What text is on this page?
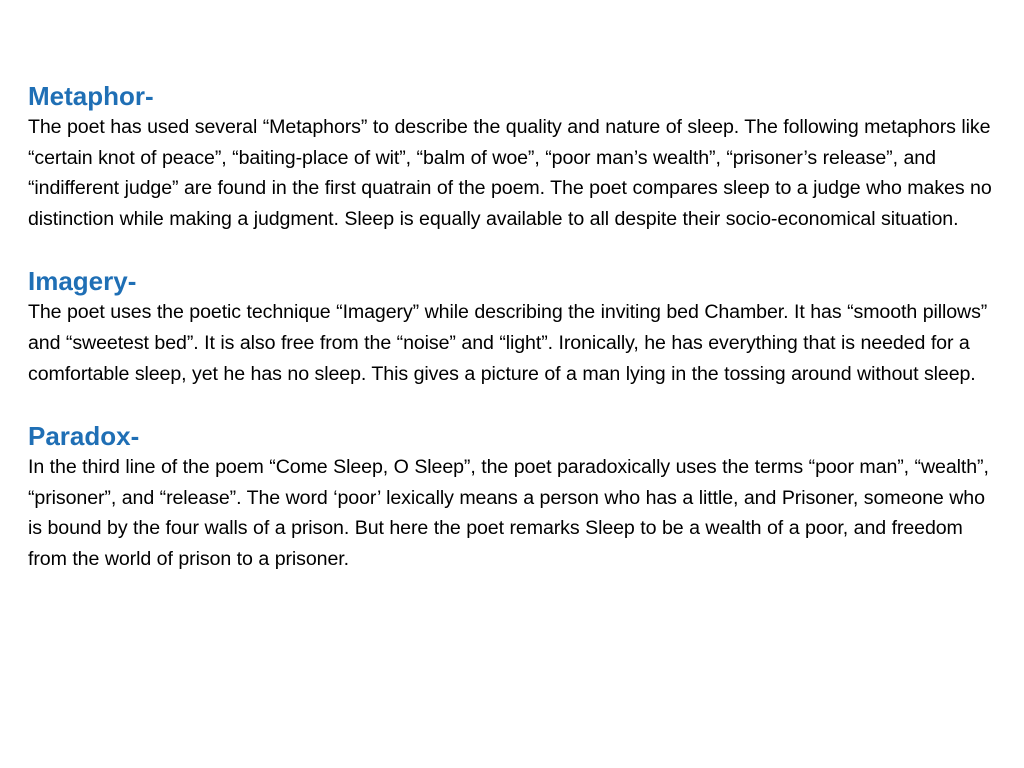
Metaphor-

The poet has used several “Metaphors” to describe the quality and nature of sleep. The following metaphors like “certain knot of peace”, “baiting-place of wit”, “balm of woe”, “poor man’s wealth”, “prisoner’s release”, and “indifferent judge” are found in the first quatrain of the poem. The poet compares sleep to a judge who makes no distinction while making a judgment. Sleep is equally available to all despite their socio-economical situation.

Imagery-

The poet uses the poetic technique “Imagery” while describing the inviting bed Chamber. It has “smooth pillows” and “sweetest bed”. It is also free from the “noise” and “light”. Ironically, he has everything that is needed for a comfortable sleep, yet he has no sleep. This gives a picture of a man lying in the tossing around without sleep.

Paradox-

In the third line of the poem “Come Sleep, O Sleep”, the poet paradoxically uses the terms “poor man”, “wealth”, “prisoner”, and “release”. The word ‘poor’ lexically means a person who has a little, and Prisoner, someone who is bound by the four walls of a prison. But here the poet remarks Sleep to be a wealth of a poor, and freedom from the world of prison to a prisoner.
